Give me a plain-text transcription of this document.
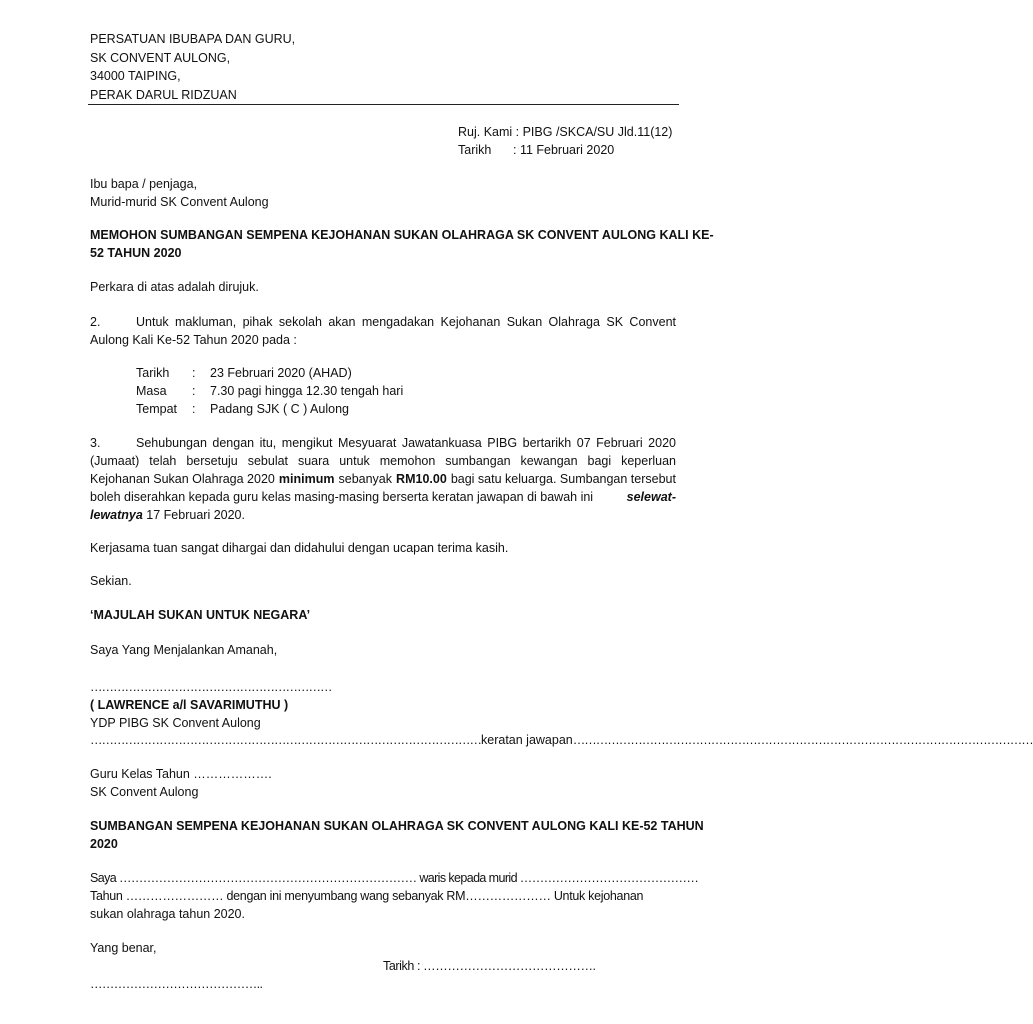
PERSATUAN IBUBAPA DAN GURU,
SK CONVENT AULONG,
34000 TAIPING,
PERAK DARUL RIDZUAN
Ruj. Kami : PIBG /SKCA/SU Jld.11(12)
Tarikh : 11 Februari 2020
Ibu bapa / penjaga,
Murid-murid SK Convent Aulong
MEMOHON SUMBANGAN SEMPENA KEJOHANAN SUKAN OLAHRAGA SK CONVENT AULONG KALI KE-
52 TAHUN 2020
Perkara di atas adalah dirujuk.
2.	Untuk makluman, pihak sekolah akan mengadakan Kejohanan Sukan Olahraga SK Convent
Aulong Kali Ke-52 Tahun 2020 pada :
Tarikh : 23 Februari 2020 (AHAD)
Masa : 7.30 pagi hingga 12.30 tengah hari
Tempat : Padang SJK ( C ) Aulong
3.	Sehubungan dengan itu, mengikut Mesyuarat Jawatankuasa PIBG bertarikh 07 Februari 2020
(Jumaat) telah bersetuju sebulat suara untuk memohon sumbangan kewangan bagi keperluan
Kejohanan Sukan Olahraga 2020 minimum sebanyak RM10.00 bagi satu keluarga. Sumbangan tersebut
boleh diserahkan kepada guru kelas masing-masing berserta keratan jawapan di bawah ini	selewat-
lewatnya 17 Februari 2020.
Kerjasama tuan sangat dihargai dan didahului dengan ucapan terima kasih.
Sekian.
‘MAJULAH SUKAN UNTUK NEGARA’
Saya Yang Menjalankan Amanah,
………………………………………………………
( LAWRENCE a/l SAVARIMUTHU )
YDP PIBG SK Convent Aulong
…………………………………………………………………………………………keratan jawapan…………………………………………………………………………………………………………
Guru Kelas Tahun ……………….
SK Convent Aulong
SUMBANGAN SEMPENA KEJOHANAN SUKAN OLAHRAGA SK CONVENT AULONG KALI KE-52 TAHUN
2020
Saya ………………………………………………………………… waris kepada murid ………………………………………
Tahun …………………… dengan ini menyumbang wang sebanyak RM………………… Untuk kejohanan
sukan olahraga tahun 2020.
Yang benar,
Tarikh : …………………………………….
……………………………………..
